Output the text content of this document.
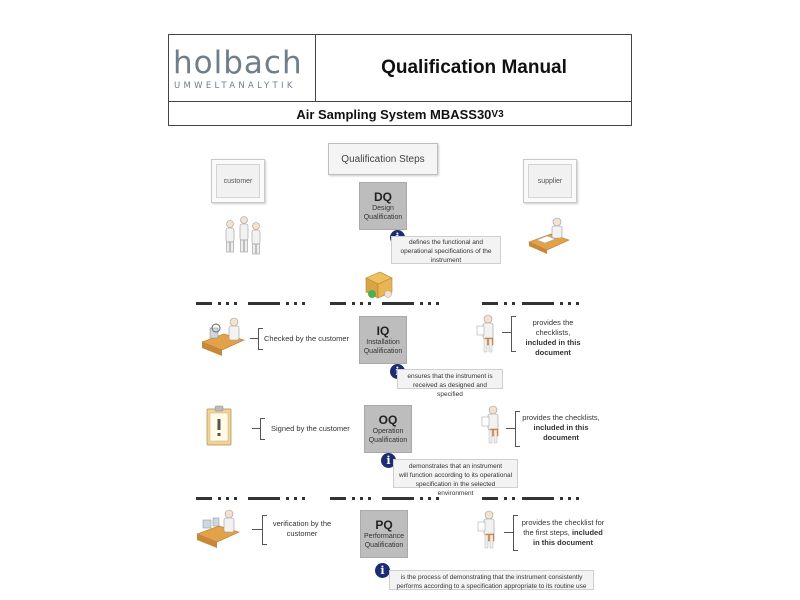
holbach
UMWELTANALYTIK
Qualification Manual
Air Sampling System MBASS30 V3
Qualification Steps
customer	supplier
DQ
Design
Qualification
defines the functional and
operational specifications of the
instrument
IQ
Installation
Qualification
ensures that the instrument is
received as designed and specified
Checked by the customer
provides the checklists,
included in this
document
OQ
Operation
Qualification
i	demonstrates that an instrument
will function according to its operational
specification in the selected environment
Signed by the customer
provides the checklists,
included in this
document
PQ
Performance
Qualification
i
is the process of demonstrating that the instrument consistently
performs according to a specification appropriate to its routine use
verification by the
customer
provides the checklist for
the first steps, included
in this document
